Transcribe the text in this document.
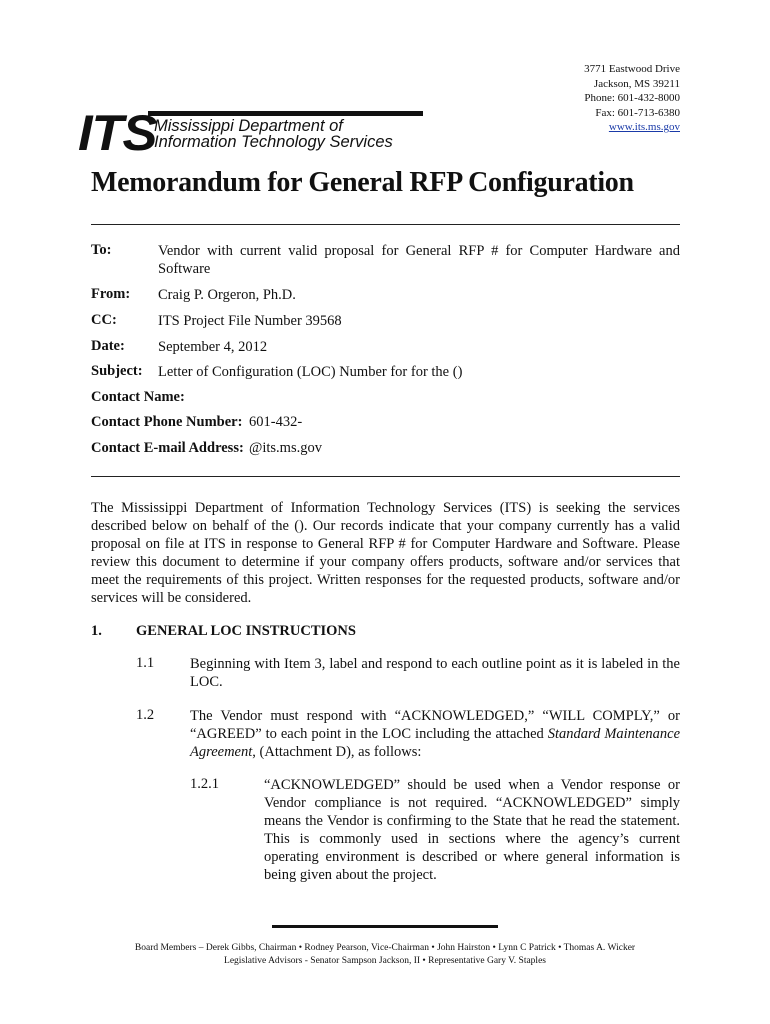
ITS
Mississippi Department of
Information Technology Services
3771 Eastwood Drive
Jackson, MS 39211
Phone: 601-432-8000
Fax: 601-713-6380
www.its.ms.gov
Memorandum for General RFP Configuration
To:	Vendor with current valid proposal for General RFP # for Computer Hardware and Software
From: Craig P. Orgeron, Ph.D.
CC:	ITS Project File Number 39568
Date: September 4, 2012
Subject: Letter of Configuration (LOC) Number for for the ()
Contact Name:
Contact Phone Number: 601-432-
Contact E-mail Address: @its.ms.gov
The Mississippi Department of Information Technology Services (ITS) is seeking the services described below on behalf of the (). Our records indicate that your company currently has a valid proposal on file at ITS in response to General RFP # for Computer Hardware and Software. Please review this document to determine if your company offers products, software and/or services that meet the requirements of this project. Written responses for the requested products, software and/or services will be considered.
1. GENERAL LOC INSTRUCTIONS
1.1 Beginning with Item 3, label and respond to each outline point as it is labeled in the LOC.
1.2 The Vendor must respond with “ACKNOWLEDGED,” “WILL COMPLY,” or “AGREED” to each point in the LOC including the attached Standard Maintenance Agreement, (Attachment D), as follows:
1.2.1	“ACKNOWLEDGED” should be used when a Vendor response or Vendor compliance is not required. “ACKNOWLEDGED” simply means the Vendor is confirming to the State that he read the statement. This is commonly used in sections where the agency’s current operating environment is described or where general information is being given about the project.
Board Members – Derek Gibbs, Chairman • Rodney Pearson, Vice-Chairman • John Hairston • Lynn C Patrick • Thomas A. Wicker
Legislative Advisors - Senator Sampson Jackson, II • Representative Gary V. Staples
